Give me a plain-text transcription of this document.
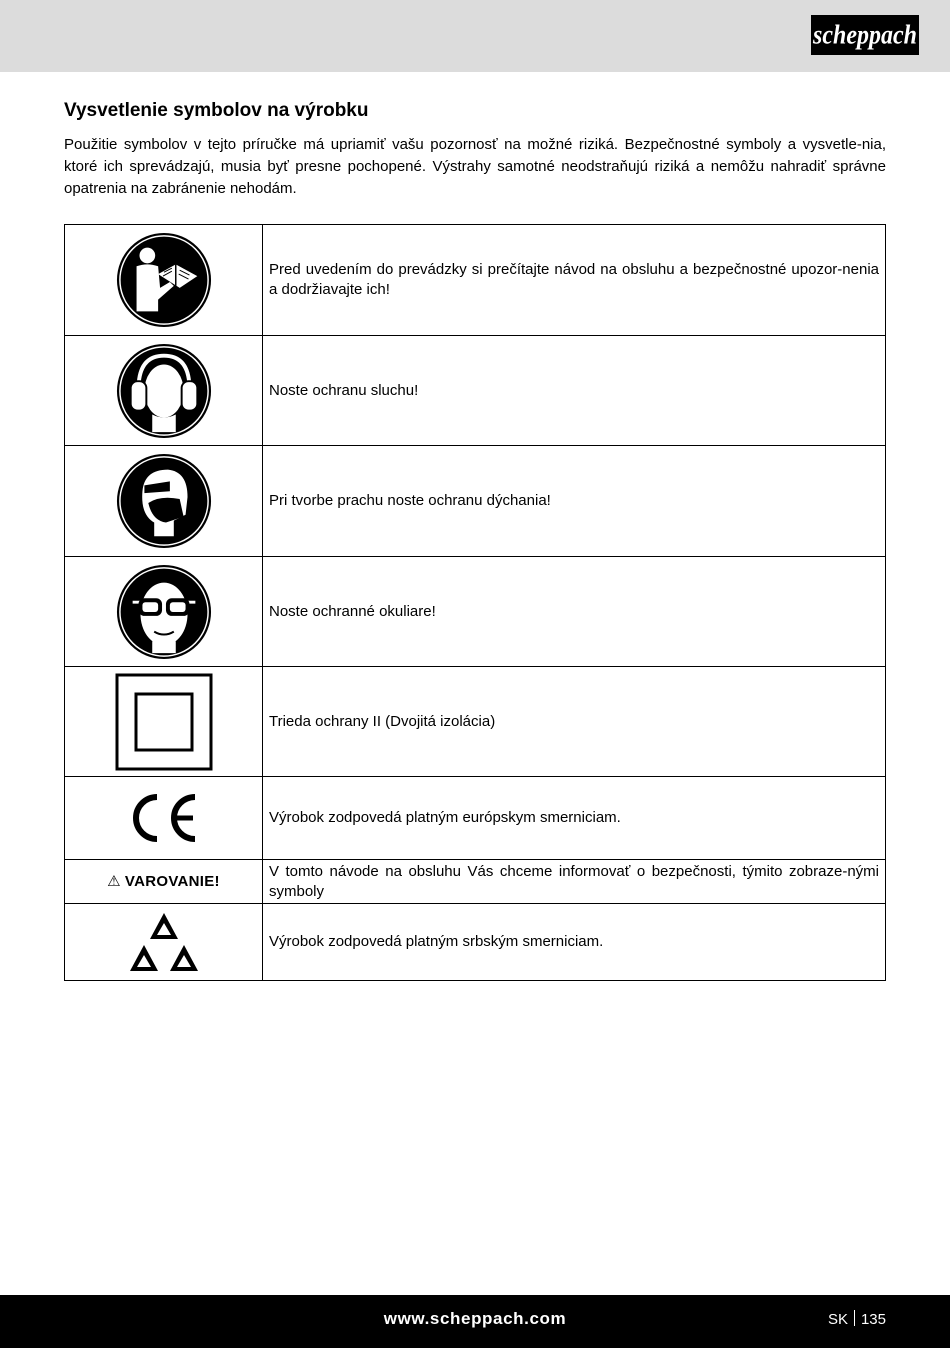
scheppach
Vysvetlenie symbolov na výrobku

Použitie symbolov v tejto príručke má upriamiť vašu pozornosť na možné riziká. Bezpečnostné symboly a vysvetle-nia, ktoré ich sprevádzajú, musia byť presne pochopené. Výstrahy samotné neodstraňujú riziká a nemôžu nahradiť správne opatrenia na zabránenie nehodám.

	Pred uvedením do prevádzky si prečítajte návod na obsluhu a bezpečnostné upozor-nenia a dodržiavajte ich!

	Noste ochranu sluchu!

	Pri tvorbe prachu noste ochranu dýchania!

	Noste ochranné okuliare!

	Trieda ochrany II (Dvojitá izolácia)

	Výrobok zodpovedá platným európskym smerniciam.
⚠ VAROVANIE!	V tomto návode na obsluhu Vás chceme informovať o bezpečnosti, týmito zobraze-nými symboly

	Výrobok zodpovedá platným srbským smerniciam.
www.scheppach.com	SK 135
